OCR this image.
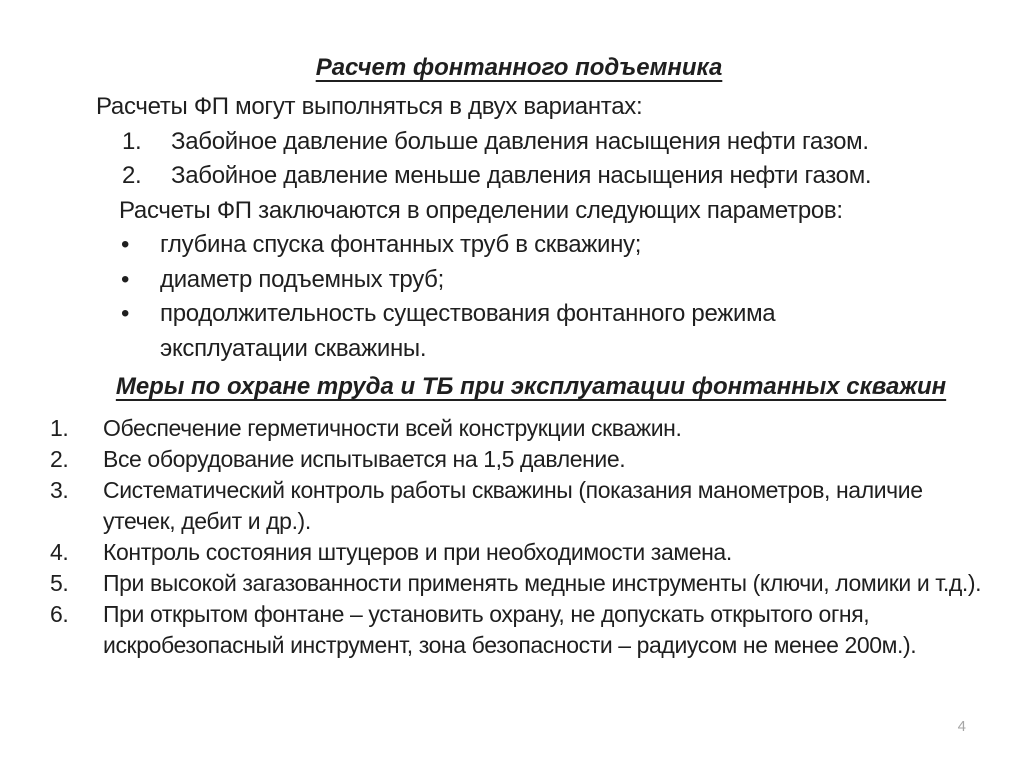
Расчет фонтанного подъемника
Расчеты ФП могут выполняться в двух вариантах:
1.	Забойное давление больше давления насыщения нефти газом.
2.	Забойное давление меньше давления насыщения нефти газом.
Расчеты ФП заключаются в определении следующих параметров:
•	глубина спуска фонтанных труб в скважину;
•	диаметр подъемных труб;
•	продолжительность существования фонтанного режима эксплуатации скважины.
Меры по охране труда и ТБ при эксплуатации фонтанных скважин
1.	Обеспечение герметичности всей конструкции скважин.
2.	Все оборудование испытывается на 1,5 давление.
3.	Систематический контроль работы скважины (показания манометров, наличие утечек, дебит и др.).
4.	Контроль состояния штуцеров и при необходимости замена.
5.	При высокой загазованности применять медные инструменты (ключи, ломики и т.д.).
6.	При открытом фонтане – установить охрану, не допускать открытого огня, искробезопасный инструмент, зона безопасности – радиусом не менее 200м.).
4
